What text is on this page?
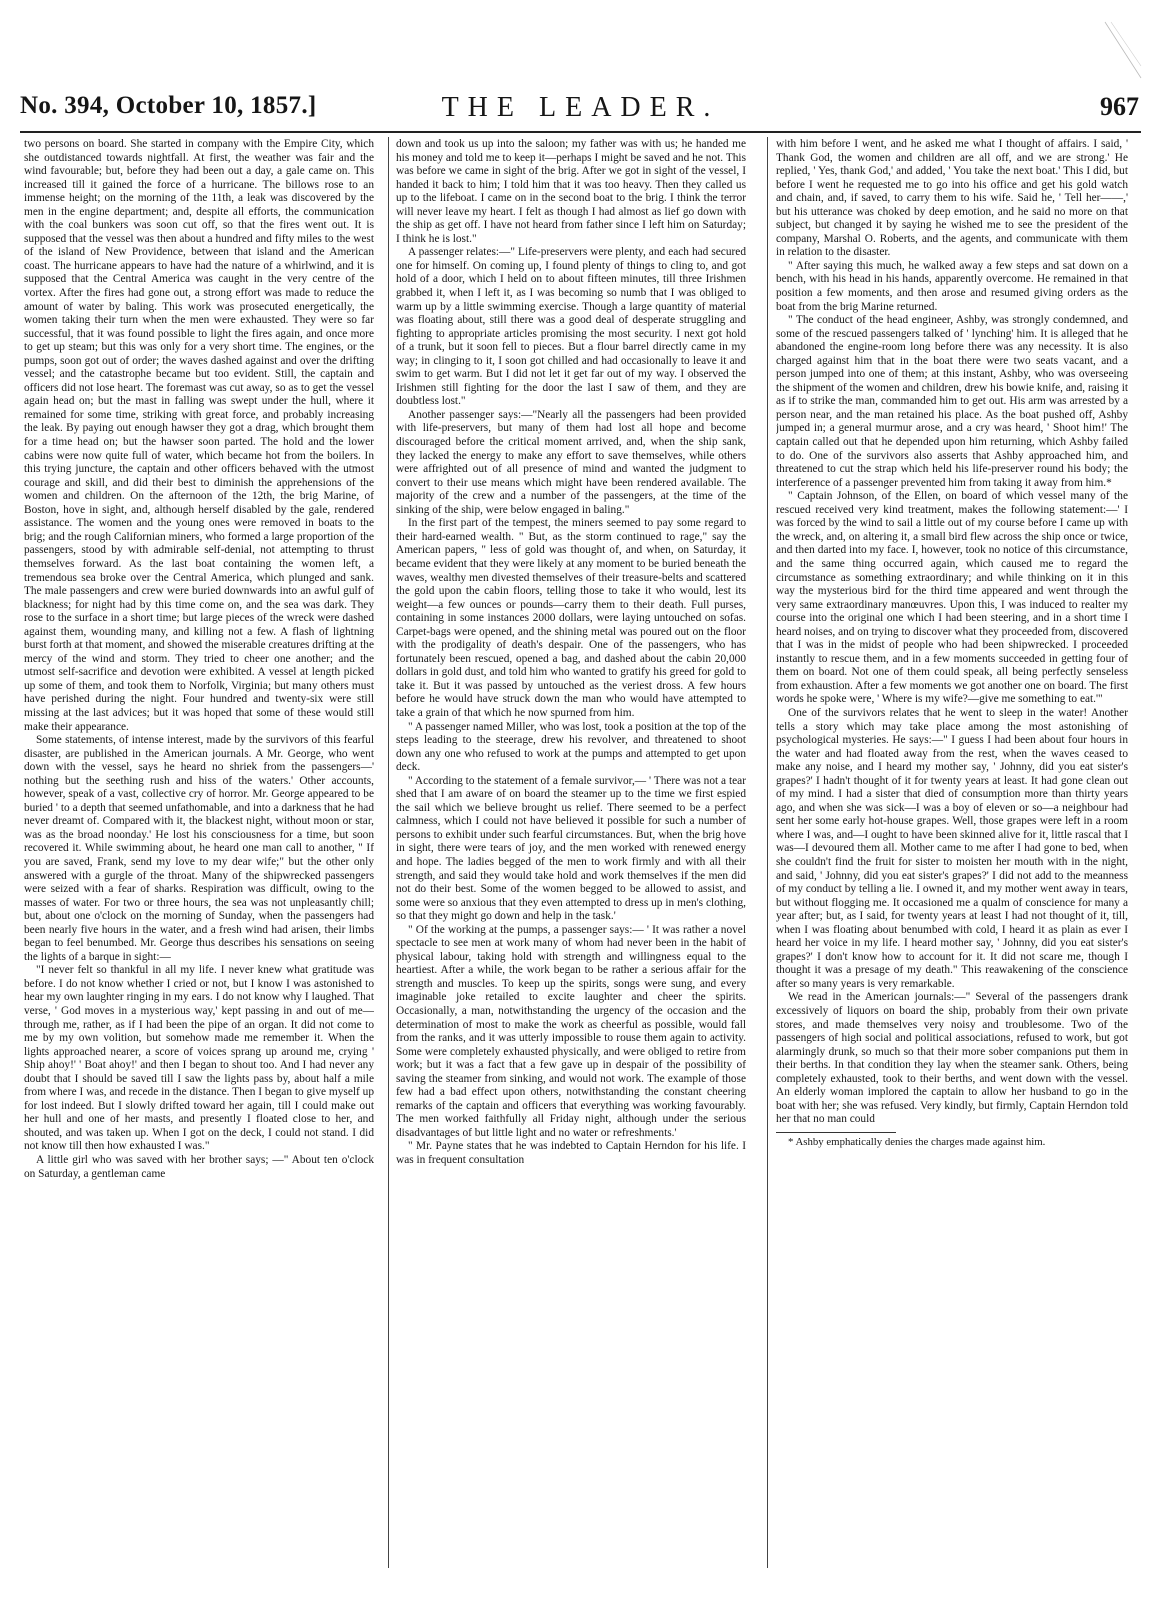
No. 394, October 10, 1857.]	THE LEADER.	967

two persons on board. She started in company with the Empire City, which she outdistanced towards nightfall. At first, the weather was fair and the wind favourable; but, before they had been out a day, a gale came on. This increased till it gained the force of a hurricane. The billows rose to an immense height; on the morning of the 11th, a leak was discovered by the men in the engine department; and, despite all efforts, the communication with the coal bunkers was soon cut off, so that the fires went out. It is supposed that the vessel was then about a hundred and fifty miles to the west of the island of New Providence, between that island and the American coast. The hurricane appears to have had the nature of a whirlwind, and it is supposed that the Central America was caught in the very centre of the vortex. After the fires had gone out, a strong effort was made to reduce the amount of water by baling. This work was prosecuted energetically, the women taking their turn when the men were exhausted. They were so far successful, that it was found possible to light the fires again, and once more to get up steam; but this was only for a very short time. The engines, or the pumps, soon got out of order; the waves dashed against and over the drifting vessel; and the catastrophe became but too evident. Still, the captain and officers did not lose heart. The foremast was cut away, so as to get the vessel again head on; but the mast in falling was swept under the hull, where it remained for some time, striking with great force, and probably increasing the leak. By paying out enough hawser they got a drag, which brought them for a time head on; but the hawser soon parted. The hold and the lower cabins were now quite full of water, which became hot from the boilers. In this trying juncture, the captain and other officers behaved with the utmost courage and skill, and did their best to diminish the apprehensions of the women and children. On the afternoon of the 12th, the brig Marine, of Boston, hove in sight, and, although herself disabled by the gale, rendered assistance. The women and the young ones were removed in boats to the brig; and the rough Californian miners, who formed a large proportion of the passengers, stood by with admirable self-denial, not attempting to thrust themselves forward. As the last boat containing the women left, a tremendous sea broke over the Central America, which plunged and sank. The male passengers and crew were buried downwards into an awful gulf of blackness; for night had by this time come on, and the sea was dark. They rose to the surface in a short time; but large pieces of the wreck were dashed against them, wounding many, and killing not a few. A flash of lightning burst forth at that moment, and showed the miserable creatures drifting at the mercy of the wind and storm. They tried to cheer one another; and the utmost self-sacrifice and devotion were exhibited. A vessel at length picked up some of them, and took them to Norfolk, Virginia; but many others must have perished during the night. Four hundred and twenty-six were still missing at the last advices; but it was hoped that some of these would still make their appearance.

Some statements, of intense interest, made by the survivors of this fearful disaster, are published in the American journals. A Mr. George, who went down with the vessel, says he heard no shriek from the passengers—' nothing but the seething rush and hiss of the waters.' Other accounts, however, speak of a vast, collective cry of horror. Mr. George appeared to be buried ' to a depth that seemed unfathomable, and into a darkness that he had never dreamt of. Compared with it, the blackest night, without moon or star, was as the broad noonday.' He lost his consciousness for a time, but soon recovered it. While swimming about, he heard one man call to another, " If you are saved, Frank, send my love to my dear wife;" but the other only answered with a gurgle of the throat. Many of the shipwrecked passengers were seized with a fear of sharks. Respiration was difficult, owing to the masses of water. For two or three hours, the sea was not unpleasantly chill; but, about one o'clock on the morning of Sunday, when the passengers had been nearly five hours in the water, and a fresh wind had arisen, their limbs began to feel benumbed. Mr. George thus describes his sensations on seeing the lights of a barque in sight:—

"I never felt so thankful in all my life. I never knew what gratitude was before. I do not know whether I cried or not, but I know I was astonished to hear my own laughter ringing in my ears. I do not know why I laughed. That verse, ' God moves in a mysterious way,' kept passing in and out of me—through me, rather, as if I had been the pipe of an organ. It did not come to me by my own volition, but somehow made me remember it. When the lights approached nearer, a score of voices sprang up around me, crying ' Ship ahoy!' ' Boat ahoy!' and then I began to shout too. And I had never any doubt that I should be saved till I saw the lights pass by, about half a mile from where I was, and recede in the distance. Then I began to give myself up for lost indeed. But I slowly drifted toward her again, till I could make out her hull and one of her masts, and presently I floated close to her, and shouted, and was taken up. When I got on the deck, I could not stand. I did not know till then how exhausted I was."

A little girl who was saved with her brother says; —" About ten o'clock on Saturday, a gentleman came

down and took us up into the saloon; my father was with us; he handed me his money and told me to keep it—perhaps I might be saved and he not. This was before we came in sight of the brig. After we got in sight of the vessel, I handed it back to him; I told him that it was too heavy. Then they called us up to the lifeboat. I came on in the second boat to the brig. I think the terror will never leave my heart. I felt as though I had almost as lief go down with the ship as get off. I have not heard from father since I left him on Saturday; I think he is lost."

A passenger relates:—" Life-preservers were plenty, and each had secured one for himself. On coming up, I found plenty of things to cling to, and got hold of a door, which I held on to about fifteen minutes, till three Irishmen grabbed it, when I left it, as I was becoming so numb that I was obliged to warm up by a little swimming exercise. Though a large quantity of material was floating about, still there was a good deal of desperate struggling and fighting to appropriate articles promising the most security. I next got hold of a trunk, but it soon fell to pieces. But a flour barrel directly came in my way; in clinging to it, I soon got chilled and had occasionally to leave it and swim to get warm. But I did not let it get far out of my way. I observed the Irishmen still fighting for the door the last I saw of them, and they are doubtless lost."

Another passenger says:—"Nearly all the passengers had been provided with life-preservers, but many of them had lost all hope and become discouraged before the critical moment arrived, and, when the ship sank, they lacked the energy to make any effort to save themselves, while others were affrighted out of all presence of mind and wanted the judgment to convert to their use means which might have been rendered available. The majority of the crew and a number of the passengers, at the time of the sinking of the ship, were below engaged in baling."

In the first part of the tempest, the miners seemed to pay some regard to their hard-earned wealth. " But, as the storm continued to rage," say the American papers, " less of gold was thought of, and when, on Saturday, it became evident that they were likely at any moment to be buried beneath the waves, wealthy men divested themselves of their treasure-belts and scattered the gold upon the cabin floors, telling those to take it who would, lest its weight—a few ounces or pounds—carry them to their death. Full purses, containing in some instances 2000 dollars, were laying untouched on sofas. Carpet-bags were opened, and the shining metal was poured out on the floor with the prodigality of death's despair. One of the passengers, who has fortunately been rescued, opened a bag, and dashed about the cabin 20,000 dollars in gold dust, and told him who wanted to gratify his greed for gold to take it. But it was passed by untouched as the veriest dross. A few hours before he would have struck down the man who would have attempted to take a grain of that which he now spurned from him.

" A passenger named Miller, who was lost, took a position at the top of the steps leading to the steerage, drew his revolver, and threatened to shoot down any one who refused to work at the pumps and attempted to get upon deck.

" According to the statement of a female survivor,— ' There was not a tear shed that I am aware of on board the steamer up to the time we first espied the sail which we believe brought us relief. There seemed to be a perfect calmness, which I could not have believed it possible for such a number of persons to exhibit under such fearful circumstances. But, when the brig hove in sight, there were tears of joy, and the men worked with renewed energy and hope. The ladies begged of the men to work firmly and with all their strength, and said they would take hold and work themselves if the men did not do their best. Some of the women begged to be allowed to assist, and some were so anxious that they even attempted to dress up in men's clothing, so that they might go down and help in the task.'

" Of the working at the pumps, a passenger says:— ' It was rather a novel spectacle to see men at work many of whom had never been in the habit of physical labour, taking hold with strength and willingness equal to the heartiest. After a while, the work began to be rather a serious affair for the strength and muscles. To keep up the spirits, songs were sung, and every imaginable joke retailed to excite laughter and cheer the spirits. Occasionally, a man, notwithstanding the urgency of the occasion and the determination of most to make the work as cheerful as possible, would fall from the ranks, and it was utterly impossible to rouse them again to activity. Some were completely exhausted physically, and were obliged to retire from work; but it was a fact that a few gave up in despair of the possibility of saving the steamer from sinking, and would not work. The example of those few had a bad effect upon others, notwithstanding the constant cheering remarks of the captain and officers that everything was working favourably. The men worked faithfully all Friday night, although under the serious disadvantages of but little light and no water or refreshments.'

" Mr. Payne states that he was indebted to Captain Herndon for his life. I was in frequent consultation

with him before I went, and he asked me what I thought of affairs. I said, ' Thank God, the women and children are all off, and we are strong.' He replied, ' Yes, thank God,' and added, ' You take the next boat.' This I did, but before I went he requested me to go into his office and get his gold watch and chain, and, if saved, to carry them to his wife. Said he, ' Tell her——,' but his utterance was choked by deep emotion, and he said no more on that subject, but changed it by saying he wished me to see the president of the company, Marshal O. Roberts, and the agents, and communicate with them in relation to the disaster.

" After saying this much, he walked away a few steps and sat down on a bench, with his head in his hands, apparently overcome. He remained in that position a few moments, and then arose and resumed giving orders as the boat from the brig Marine returned.

" The conduct of the head engineer, Ashby, was strongly condemned, and some of the rescued passengers talked of ' lynching' him. It is alleged that he abandoned the engine-room long before there was any necessity. It is also charged against him that in the boat there were two seats vacant, and a person jumped into one of them; at this instant, Ashby, who was overseeing the shipment of the women and children, drew his bowie knife, and, raising it as if to strike the man, commanded him to get out. His arm was arrested by a person near, and the man retained his place. As the boat pushed off, Ashby jumped in; a general murmur arose, and a cry was heard, ' Shoot him!' The captain called out that he depended upon him returning, which Ashby failed to do. One of the survivors also asserts that Ashby approached him, and threatened to cut the strap which held his life-preserver round his body; the interference of a passenger prevented him from taking it away from him.*

" Captain Johnson, of the Ellen, on board of which vessel many of the rescued received very kind treatment, makes the following statement:—' I was forced by the wind to sail a little out of my course before I came up with the wreck, and, on altering it, a small bird flew across the ship once or twice, and then darted into my face. I, however, took no notice of this circumstance, and the same thing occurred again, which caused me to regard the circumstance as something extraordinary; and while thinking on it in this way the mysterious bird for the third time appeared and went through the very same extraordinary manœuvres. Upon this, I was induced to realter my course into the original one which I had been steering, and in a short time I heard noises, and on trying to discover what they proceeded from, discovered that I was in the midst of people who had been shipwrecked. I proceeded instantly to rescue them, and in a few moments succeeded in getting four of them on board. Not one of them could speak, all being perfectly senseless from exhaustion. After a few moments we got another one on board. The first words he spoke were, ' Where is my wife?—give me something to eat.'"

One of the survivors relates that he went to sleep in the water! Another tells a story which may take place among the most astonishing of psychological mysteries. He says:—" I guess I had been about four hours in the water and had floated away from the rest, when the waves ceased to make any noise, and I heard my mother say, ' Johnny, did you eat sister's grapes?' I hadn't thought of it for twenty years at least. It had gone clean out of my mind. I had a sister that died of consumption more than thirty years ago, and when she was sick—I was a boy of eleven or so—a neighbour had sent her some early hot-house grapes. Well, those grapes were left in a room where I was, and—I ought to have been skinned alive for it, little rascal that I was—I devoured them all. Mother came to me after I had gone to bed, when she couldn't find the fruit for sister to moisten her mouth with in the night, and said, ' Johnny, did you eat sister's grapes?' I did not add to the meanness of my conduct by telling a lie. I owned it, and my mother went away in tears, but without flogging me. It occasioned me a qualm of conscience for many a year after; but, as I said, for twenty years at least I had not thought of it, till, when I was floating about benumbed with cold, I heard it as plain as ever I heard her voice in my life. I heard mother say, ' Johnny, did you eat sister's grapes?' I don't know how to account for it. It did not scare me, though I thought it was a presage of my death." This reawakening of the conscience after so many years is very remarkable.

We read in the American journals:—" Several of the passengers drank excessively of liquors on board the ship, probably from their own private stores, and made themselves very noisy and troublesome. Two of the passengers of high social and political associations, refused to work, but got alarmingly drunk, so much so that their more sober companions put them in their berths. In that condition they lay when the steamer sank. Others, being completely exhausted, took to their berths, and went down with the vessel. An elderly woman implored the captain to allow her husband to go in the boat with her; she was refused. Very kindly, but firmly, Captain Herndon told her that no man could

* Ashby emphatically denies the charges made against him.
